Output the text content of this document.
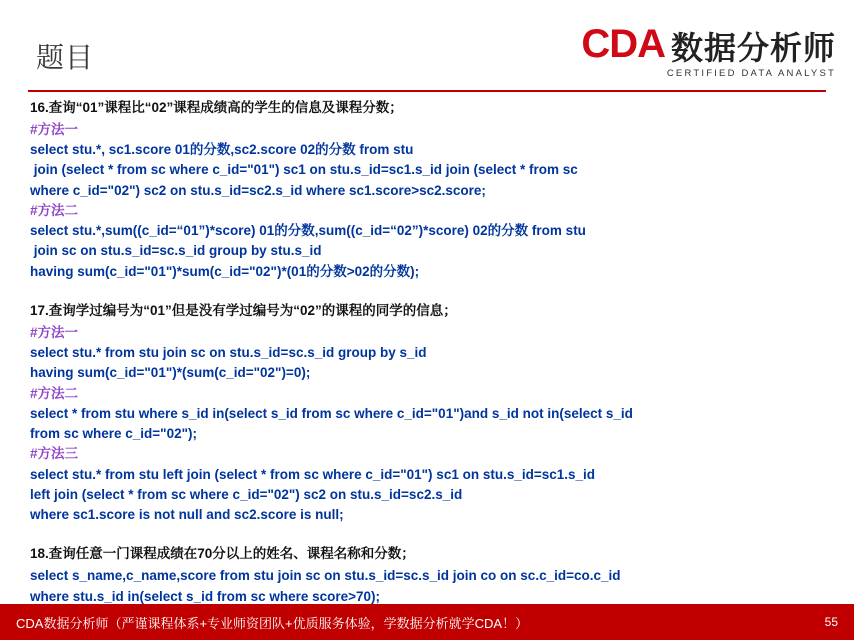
题目	CDA 数据分析师
CERTIFIED DATA ANALYST
16.查询“01”课程比“02”课程成绩高的学生的信息及课程分数；
#方法一
select stu.*, sc1.score 01的分数,sc2.score 02的分数 from stu
join (select * from sc where c_id="01") sc1 on stu.s_id=sc1.s_id join (select * from sc
where c_id="02") sc2 on stu.s_id=sc2.s_id where sc1.score>sc2.score;
#方法二
select stu.*,sum((c_id=“01”)*score) 01的分数,sum((c_id=“02”)*score) 02的分数 from stu
join sc on stu.s_id=sc.s_id group by stu.s_id
having sum(c_id="01")*sum(c_id="02")*(01的分数>02的分数);
17.查询学过编号为“01”但是没有学过编号为“02”的课程的同学的信息；
#方法一
select stu.* from stu join sc on stu.s_id=sc.s_id group by s_id
having sum(c_id="01")*(sum(c_id="02")=0);
#方法二
select * from stu where s_id in(select s_id from sc where c_id="01")and s_id not in(select s_id
from sc where c_id="02");
#方法三
select stu.* from stu left join (select * from sc where c_id="01") sc1 on stu.s_id=sc1.s_id
left join (select * from sc where c_id="02") sc2 on stu.s_id=sc2.s_id
where sc1.score is not null and sc2.score is null;
18.查询任意一门课程成绩在70分以上的姓名、课程名称和分数；
select s_name,c_name,score from stu join sc on stu.s_id=sc.s_id join co on sc.c_id=co.c_id
where stu.s_id in(select s_id from sc where score>70);
CDA数据分析师（严谨课程体系+专业师资团队+优质服务体验，学数据分析就学CDA！）	55
